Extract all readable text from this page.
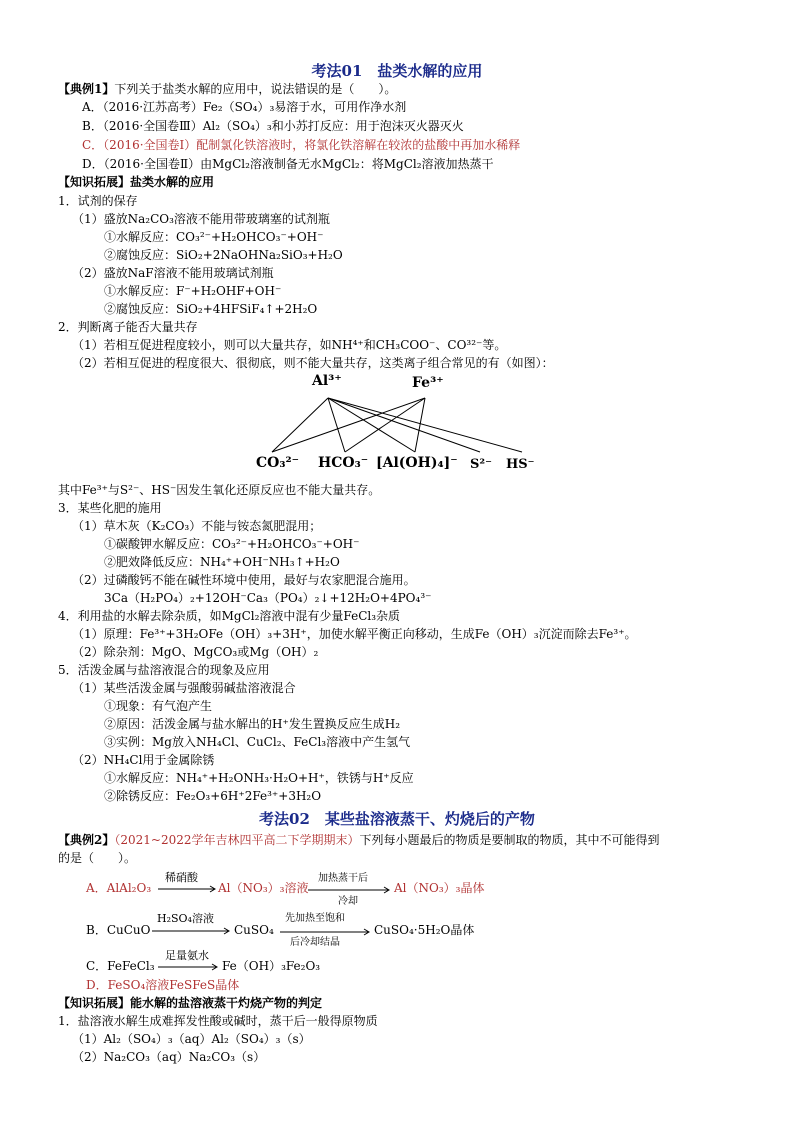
考法01　盐类水解的应用
【典例1】下列关于盐类水解的应用中，说法错误的是（　　）。
A．（2016·江苏高考）Fe₂（SO₄）₃易溶于水，可用作净水剂
B．（2016·全国卷Ⅲ）Al₂（SO₄）₃和小苏打反应：用于泡沫灭火器灭火
C．（2016·全国卷Ⅰ）配制氯化铁溶液时，将氯化铁溶解在较浓的盐酸中再加水稀释
D．（2016·全国卷Ⅱ）由MgCl₂溶液制备无水MgCl₂：将MgCl₂溶液加热蒸干
【知识拓展】盐类水解的应用
1．试剂的保存
（1）盛放Na₂CO₃溶液不能用带玻璃塞的试剂瓶
①水解反应：CO₃²⁻+H₂OHCO₃⁻+OH⁻
②腐蚀反应：SiO₂+2NaOHNa₂SiO₃+H₂O
（2）盛放NaF溶液不能用玻璃试剂瓶
①水解反应：F⁻+H₂OHF+OH⁻
②腐蚀反应：SiO₂+4HFSiF₄↑+2H₂O
2．判断离子能否大量共存
（1）若相互促进程度较小，则可以大量共存，如NH⁴⁺和CH₃COO⁻、CO³²⁻等。
（2）若相互促进的程度很大、很彻底，则不能大量共存，这类离子组合常见的有（如图）：
Al³⁺	Fe³⁺
CO₃²⁻ HCO₃⁻ [Al(OH)₄]⁻ S²⁻ HS⁻
其中Fe³⁺与S²⁻、HS⁻因发生氧化还原反应也不能大量共存。
3．某些化肥的施用
（1）草木灰（K₂CO₃）不能与铵态氮肥混用；
①碳酸钾水解反应：CO₃²⁻+H₂OHCO₃⁻+OH⁻
②肥效降低反应：NH₄⁺+OH⁻NH₃↑+H₂O
（2）过磷酸钙不能在碱性环境中使用，最好与农家肥混合施用。
3Ca（H₂PO₄）₂+12OH⁻Ca₃（PO₄）₂↓+12H₂O+4PO₄³⁻
4．利用盐的水解去除杂质，如MgCl₂溶液中混有少量FeCl₃杂质
（1）原理：Fe³⁺+3H₂OFe（OH）₃+3H⁺，加使水解平衡正向移动，生成Fe（OH）₃沉淀而除去Fe³⁺。
（2）除杂剂：MgO、MgCO₃或Mg（OH）₂
5．活泼金属与盐溶液混合的现象及应用
（1）某些活泼金属与强酸弱碱盐溶液混合
①现象：有气泡产生
②原因：活泼金属与盐水解出的H⁺发生置换反应生成H₂
③实例：Mg放入NH₄Cl、CuCl₂、FeCl₃溶液中产生氢气
（2）NH₄Cl用于金属除锈
①水解反应：NH₄⁺+H₂ONH₃·H₂O+H⁺，铁锈与H⁺反应
②除锈反应：Fe₂O₃+6H⁺2Fe³⁺+3H₂O
考法02　某些盐溶液蒸干、灼烧后的产物
【典例2】（2021~2022学年吉林四平高二下学期期末）下列每小题最后的物质是要制取的物质，其中不可能得到
的是（　　）。
A．AlAl₂O₃
稀硝酸
Al（NO₃）₃溶液
加热蒸干后
冷却
Al（NO₃）₃晶体
B．CuCuO
H₂SO₄溶液
CuSO₄
先加热至饱和
后冷却结晶
CuSO₄·5H₂O晶体
C．FeFeCl₃
足量氨水
Fe（OH）₃Fe₂O₃
D．FeSO₄溶液FeSFeS晶体
【知识拓展】能水解的盐溶液蒸干灼烧产物的判定
1．盐溶液水解生成难挥发性酸或碱时，蒸干后一般得原物质
（1）Al₂（SO₄）₃（aq）Al₂（SO₄）₃（s）
（2）Na₂CO₃（aq）Na₂CO₃（s）
